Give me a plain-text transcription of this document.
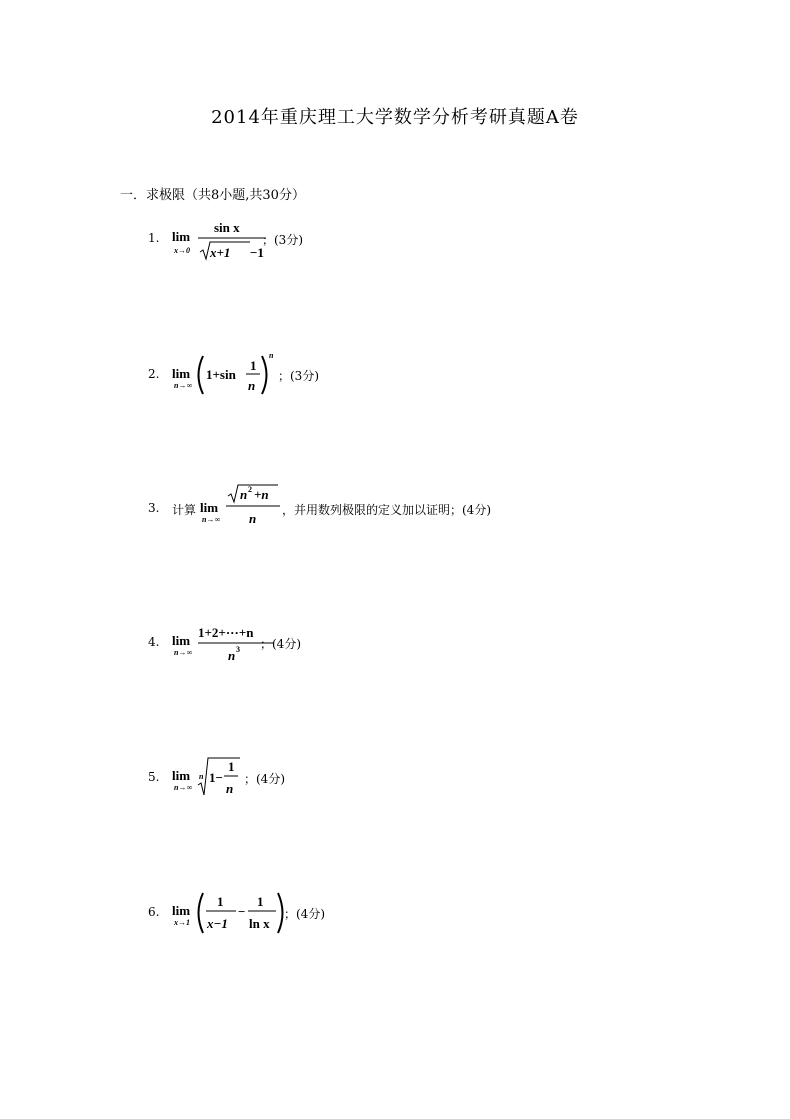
2014年重庆理工大学数学分析考研真题A卷
一．求极限（共8小题,共30分）
1. lim
x→0
sin x
x+1 −1
；(3分)
2. lim
n→∞
1+sin
1
n
n
；(3分)
3. 计算 lim
n→∞
n 2 +n
n
，并用数列极限的定义加以证明；(4分)
4. lim
n→∞
1+2+···+n
n 3 ；(4分)
5. lim
n→∞
n 1−
1
n
；(4分)
6. lim
x→1
1
x−1
−
1
ln x
；(4分)
